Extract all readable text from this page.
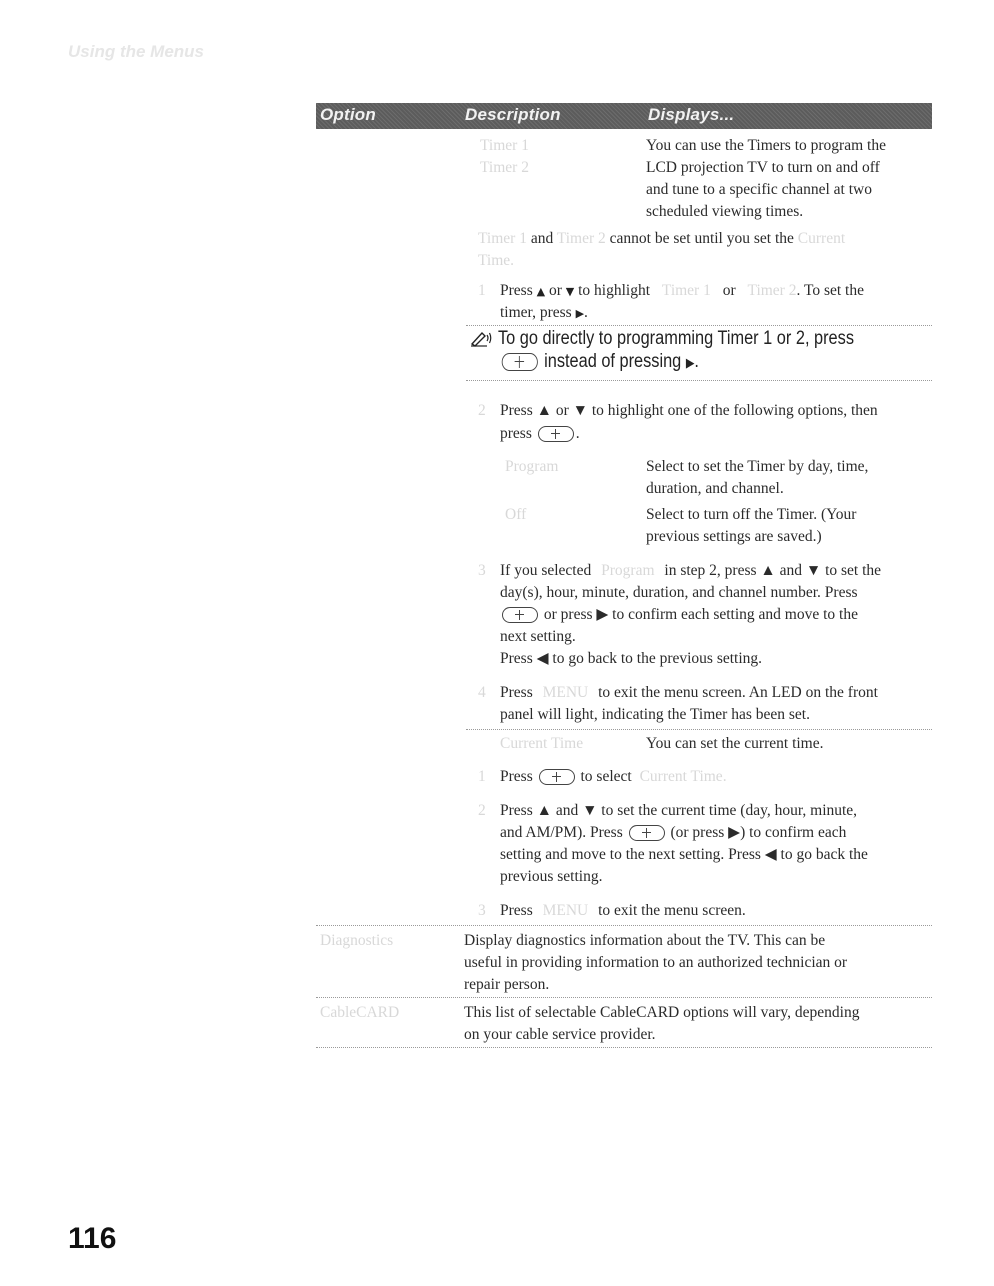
Using the Menus
Option	Description	Displays...
Timer 1
Timer 2
You can use the Timers to program the
LCD projection TV to turn on and off
and tune to a specific channel at two
scheduled viewing times.
Timer 1 and Timer 2 cannot be set until you set the Current
Time.
1 Press ▲ or ▼ to highlight Timer 1 or Timer 2. To set the
timer, press ▶.
To go directly to programming Timer 1 or 2, press
instead of pressing ▶.
2 Press ▲ or ▼ to highlight one of the following options, then
press	.
Program	Select to set the Timer by day, time,
duration, and channel.
Off	Select to turn off the Timer. (Your
previous settings are saved.)
3 If you selected Program in step 2, press ▲ and ▼ to set the
day(s), hour, minute, duration, and channel number. Press
or press ▶ to confirm each setting and move to the
next setting.
Press ◀ to go back to the previous setting.
4 Press MENU to exit the menu screen. An LED on the front
panel will light, indicating the Timer has been set.
Current Time	You can set the current time.
1 Press	to select Current Time.
2 Press ▲ and ▼ to set the current time (day, hour, minute,
and AM/PM). Press	(or press ▶) to confirm each
setting and move to the next setting. Press ◀ to go back the
previous setting.
3 Press MENU to exit the menu screen.
Diagnostics	Display diagnostics information about the TV. This can be
useful in providing information to an authorized technician or
repair person.
CableCARD	This list of selectable CableCARD options will vary, depending
on your cable service provider.
116
